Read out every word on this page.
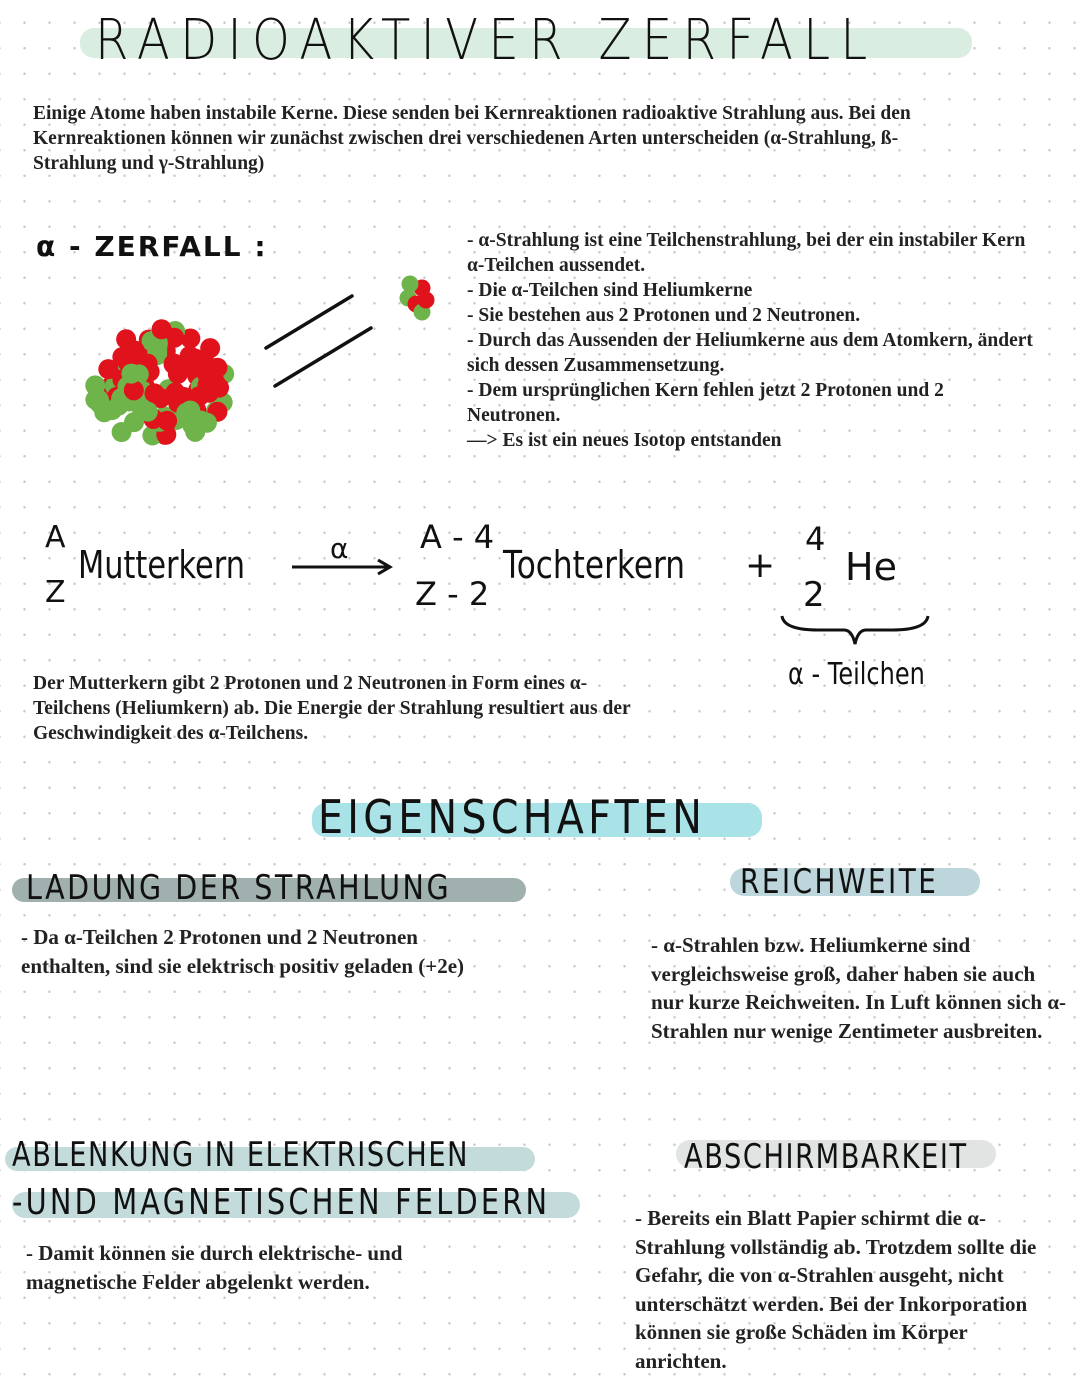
RADIOAKTIVER ZERFALL
Einige Atome haben instabile Kerne. Diese senden bei Kernreaktionen radioaktive Strahlung aus. Bei den Kernreaktionen können wir zunächst zwischen drei verschiedenen Arten unterscheiden (α-Strahlung, ß-Strahlung und γ-Strahlung)
α - ZERFALL :	- α-Strahlung ist eine Teilchenstrahlung, bei der ein instabiler Kern α-Teilchen aussendet.

- Die α-Teilchen sind Heliumkerne

- Sie bestehen aus 2 Protonen und 2 Neutronen.

- Durch das Aussenden der Heliumkerne aus dem Atomkern, ändert sich dessen Zusammensetzung.

- Dem ursprünglichen Kern fehlen jetzt 2 Protonen und 2 Neutronen.

—> Es ist ein neues Isotop entstanden

A
Z
Mutterkern	α A - 4
Z - 2
Tochterkern +
4
2
He
α - Teilchen
Der Mutterkern gibt 2 Protonen und 2 Neutronen in Form eines α-Teilchens (Heliumkern) ab. Die Energie der Strahlung resultiert aus der Geschwindigkeit des α-Teilchens.
EIGENSCHAFTEN
LADUNG DER STRAHLUNG
- Da α-Teilchen 2 Protonen und 2 Neutronen enthalten, sind sie elektrisch positiv geladen (+2e)
REICHWEITE
- α-Strahlen bzw. Heliumkerne sind vergleichsweise groß, daher haben sie auch nur kurze Reichweiten. In Luft können sich α-Strahlen nur wenige Zentimeter ausbreiten.
ABLENKUNG IN ELEKTRISCHEN
-UND MAGNETISCHEN FELDERN
- Damit können sie durch elektrische- und magnetische Felder abgelenkt werden.
ABSCHIRMBARKEIT
- Bereits ein Blatt Papier schirmt die α-Strahlung vollständig ab. Trotzdem sollte die Gefahr, die von α-Strahlen ausgeht, nicht unterschätzt werden. Bei der Inkorporation können sie große Schäden im Körper anrichten.
